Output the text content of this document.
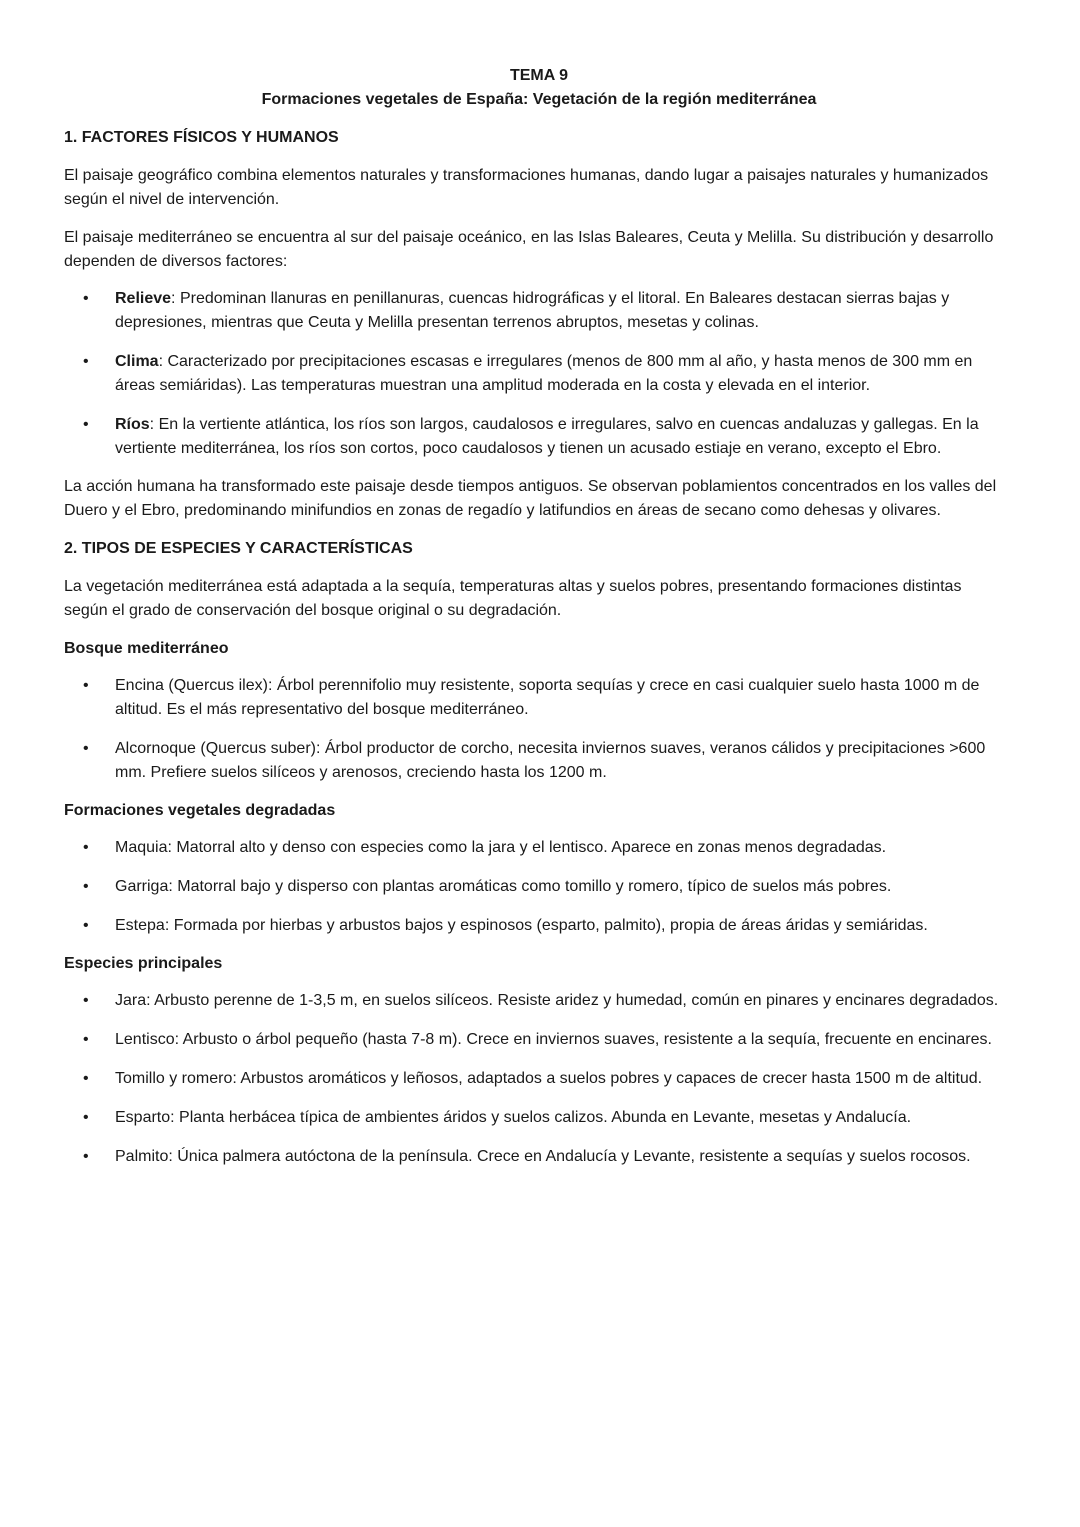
TEMA 9
Formaciones vegetales de España: Vegetación de la región mediterránea
1. FACTORES FÍSICOS Y HUMANOS

El paisaje geográfico combina elementos naturales y transformaciones humanas, dando lugar a paisajes naturales y humanizados según el nivel de intervención.

El paisaje mediterráneo se encuentra al sur del paisaje oceánico, en las Islas Baleares, Ceuta y Melilla. Su distribución y desarrollo dependen de diversos factores:

• Relieve: Predominan llanuras en penillanuras, cuencas hidrográficas y el litoral. En Baleares destacan sierras bajas y depresiones, mientras que Ceuta y Melilla presentan terrenos abruptos, mesetas y colinas.
• Clima: Caracterizado por precipitaciones escasas e irregulares (menos de 800 mm al año, y hasta menos de 300 mm en áreas semiáridas). Las temperaturas muestran una amplitud moderada en la costa y elevada en el interior.
• Ríos: En la vertiente atlántica, los ríos son largos, caudalosos e irregulares, salvo en cuencas andaluzas y gallegas. En la vertiente mediterránea, los ríos son cortos, poco caudalosos y tienen un acusado estiaje en verano, excepto el Ebro.

La acción humana ha transformado este paisaje desde tiempos antiguos. Se observan poblamientos concentrados en los valles del Duero y el Ebro, predominando minifundios en zonas de regadío y latifundios en áreas de secano como dehesas y olivares.

2. TIPOS DE ESPECIES Y CARACTERÍSTICAS

La vegetación mediterránea está adaptada a la sequía, temperaturas altas y suelos pobres, presentando formaciones distintas según el grado de conservación del bosque original o su degradación.

Bosque mediterráneo
• Encina (Quercus ilex): Árbol perennifolio muy resistente, soporta sequías y crece en casi cualquier suelo hasta 1000 m de altitud. Es el más representativo del bosque mediterráneo.
• Alcornoque (Quercus suber): Árbol productor de corcho, necesita inviernos suaves, veranos cálidos y precipitaciones >600 mm. Prefiere suelos silíceos y arenosos, creciendo hasta los 1200 m.
Formaciones vegetales degradadas
• Maquia: Matorral alto y denso con especies como la jara y el lentisco. Aparece en zonas menos degradadas.
• Garriga: Matorral bajo y disperso con plantas aromáticas como tomillo y romero, típico de suelos más pobres.
• Estepa: Formada por hierbas y arbustos bajos y espinosos (esparto, palmito), propia de áreas áridas y semiáridas.
Especies principales
• Jara: Arbusto perenne de 1-3,5 m, en suelos silíceos. Resiste aridez y humedad, común en pinares y encinares degradados.
• Lentisco: Arbusto o árbol pequeño (hasta 7-8 m). Crece en inviernos suaves, resistente a la sequía, frecuente en encinares.
• Tomillo y romero: Arbustos aromáticos y leñosos, adaptados a suelos pobres y capaces de crecer hasta 1500 m de altitud.
• Esparto: Planta herbácea típica de ambientes áridos y suelos calizos. Abunda en Levante, mesetas y Andalucía.
• Palmito: Única palmera autóctona de la península. Crece en Andalucía y Levante, resistente a sequías y suelos rocosos.
